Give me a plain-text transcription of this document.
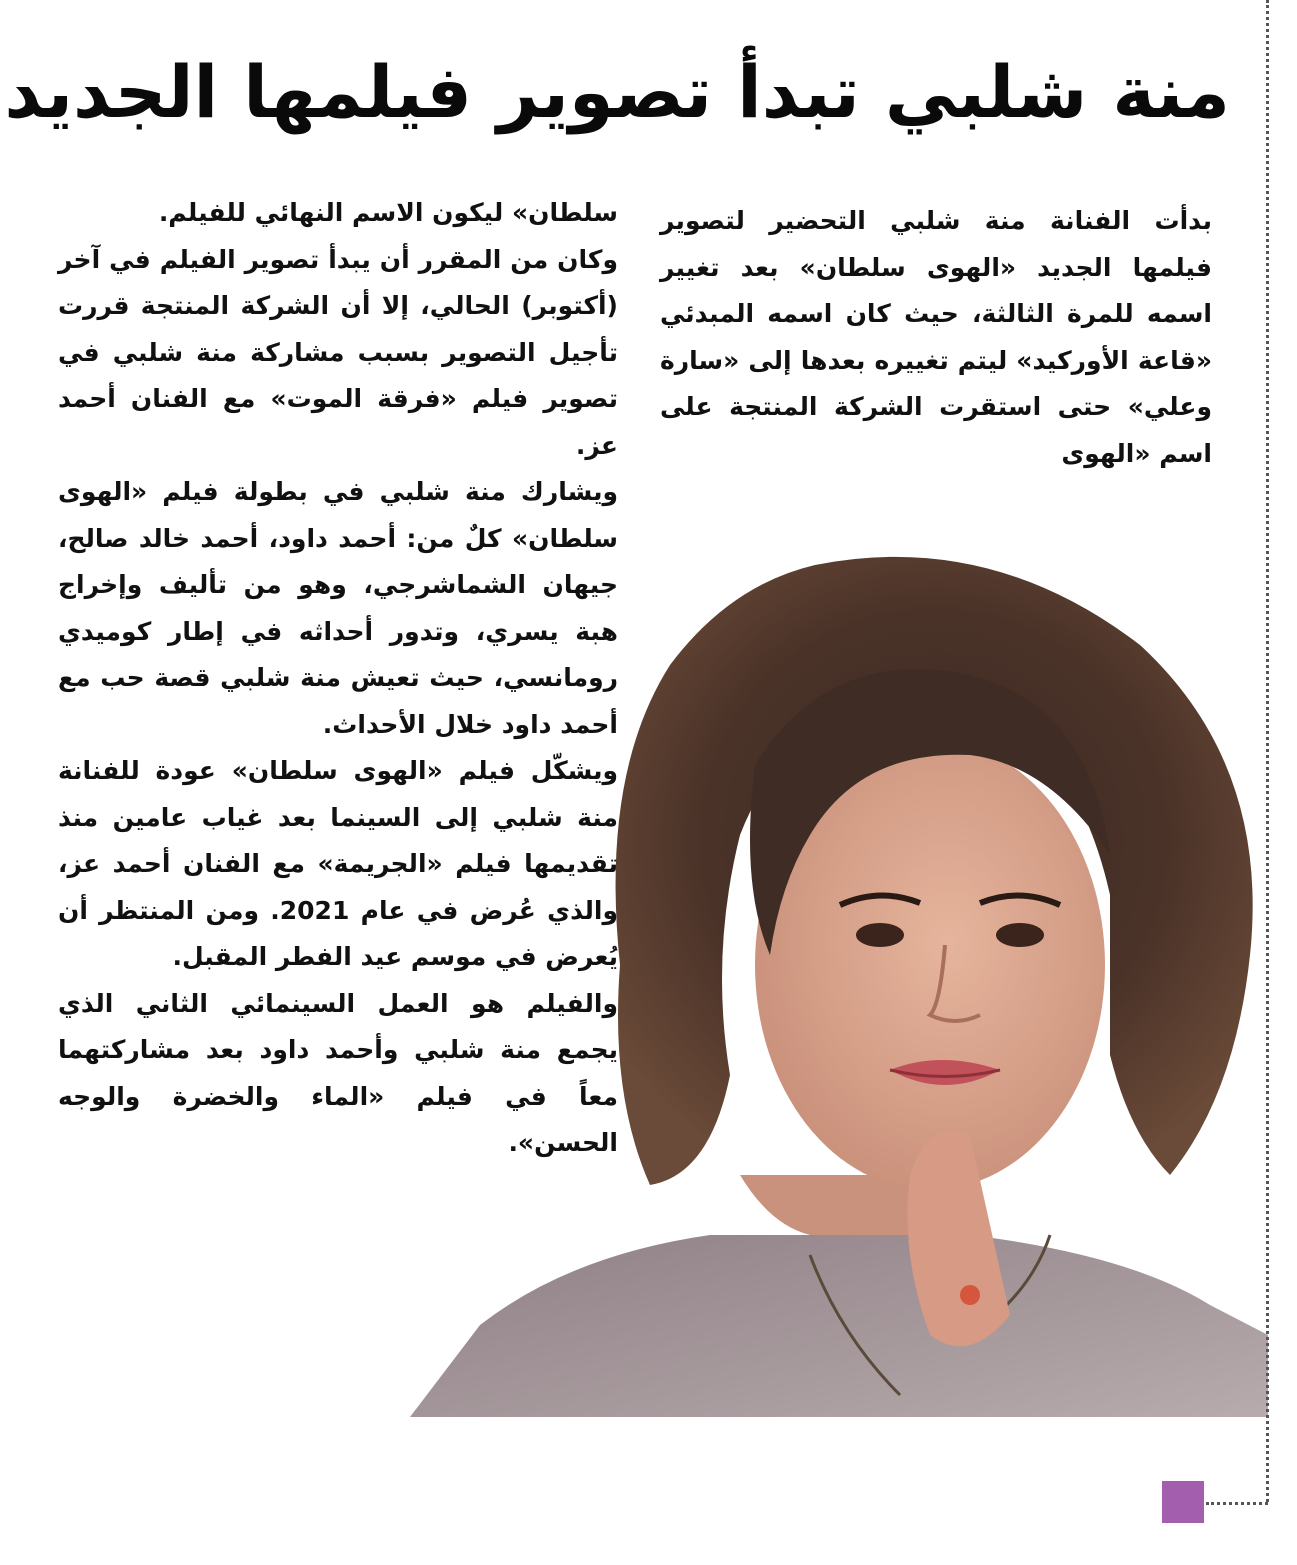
منة شلبي تبدأ تصوير فيلمها الجديد

بدأت الفنانة منة شلبي التحضير لتصوير فيلمها الجديد «الهوى سلطان» بعد تغيير اسمه للمرة الثالثة، حيث كان اسمه المبدئي «قاعة الأوركيد» ليتم تغييره بعدها إلى «سارة وعلي» حتى استقرت الشركة المنتجة على اسم «الهوى

سلطان» ليكون الاسم النهائي للفيلم.

وكان من المقرر أن يبدأ تصوير الفيلم في آخر (أكتوبر) الحالي، إلا أن الشركة المنتجة قررت تأجيل التصوير بسبب مشاركة منة شلبي في تصوير فيلم «فرقة الموت» مع الفنان أحمد عز.

ويشارك منة شلبي في بطولة فيلم «الهوى سلطان» كلٌ من: أحمد داود، أحمد خالد صالح، جيهان الشماشرجي، وهو من تأليف وإخراج هبة يسري، وتدور أحداثه في إطار كوميدي رومانسي، حيث تعيش منة شلبي قصة حب مع أحمد داود خلال الأحداث.

ويشكّل فيلم «الهوى سلطان» عودة للفنانة منة شلبي إلى السينما بعد غياب عامين منذ تقديمها فيلم «الجريمة» مع الفنان أحمد عز، والذي عُرض في عام 2021. ومن المنتظر أن يُعرض في موسم عيد الفطر المقبل.

والفيلم هو العمل السينمائي الثاني الذي يجمع منة شلبي وأحمد داود بعد مشاركتهما معاً في فيلم «الماء والخضرة والوجه الحسن».
